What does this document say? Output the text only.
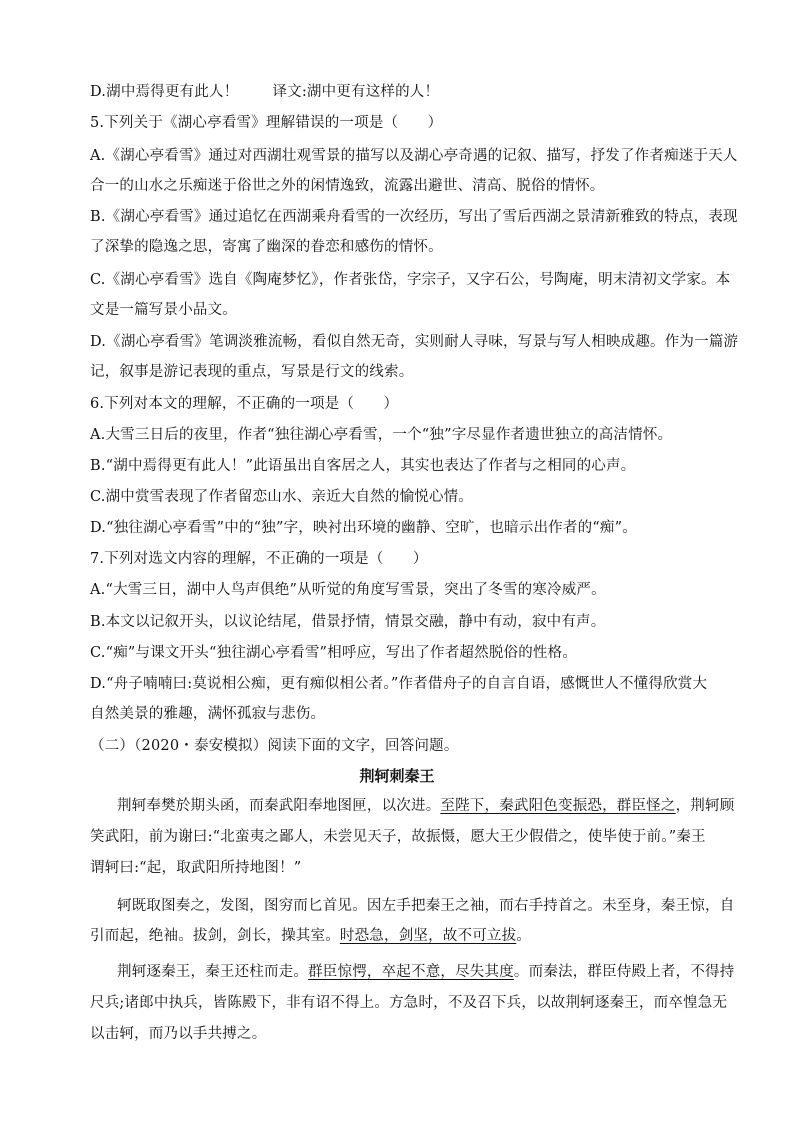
D.湖中焉得更有此人！ 译文:湖中更有这样的人！
5.下列关于《湖心亭看雪》理解错误的一项是（　　）
A.《湖心亭看雪》通过对西湖壮观雪景的描写以及湖心亭奇遇的记叙、描写，抒发了作者痴迷于天人
合一的山水之乐痴迷于俗世之外的闲情逸致，流露出避世、清高、脱俗的情怀。
B.《湖心亭看雪》通过追忆在西湖乘舟看雪的一次经历，写出了雪后西湖之景清新雅致的特点，表现
了深挚的隐逸之思，寄寓了幽深的眷恋和感伤的情怀。
C.《湖心亭看雪》选自《陶庵梦忆》，作者张岱，字宗子，又字石公，号陶庵，明末清初文学家。本
文是一篇写景小品文。
D.《湖心亭看雪》笔调淡雅流畅，看似自然无奇，实则耐人寻味，写景与写人相映成趣。作为一篇游
记，叙事是游记表现的重点，写景是行文的线索。
6.下列对本文的理解，不正确的一项是（　　）
A.大雪三日后的夜里，作者“独往湖心亭看雪，一个“独”字尽显作者遗世独立的高洁情怀。
B.“湖中焉得更有此人！”此语虽出自客居之人，其实也表达了作者与之相同的心声。
C.湖中赏雪表现了作者留恋山水、亲近大自然的愉悦心情。
D.“独往湖心亭看雪”中的“独”字，映衬出环境的幽静、空旷，也暗示出作者的“痴”。
7.下列对选文内容的理解，不正确的一项是（　　）
A.“大雪三日，湖中人鸟声俱绝”从听觉的角度写雪景，突出了冬雪的寒冷威严。
B.本文以记叙开头，以议论结尾，借景抒情，情景交融，静中有动，寂中有声。
C.“痴”与课文开头“独往湖心亭看雪”相呼应，写出了作者超然脱俗的性格。
D.“舟子喃喃曰:莫说相公痴，更有痴似相公者。”作者借舟子的自言自语，感慨世人不懂得欣赏大
自然美景的雅趣，满怀孤寂与悲伤。
（二）（2020・泰安模拟）阅读下面的文字，回答问题。
荆轲刺秦王
荆轲奉樊於期头函，而秦武阳奉地图匣，以次进。至陛下，秦武阳色变振恐，群臣怪之，荆轲顾
笑武阳，前为谢曰:“北蛮夷之鄙人，未尝见天子，故振慑，愿大王少假借之，使毕使于前。”秦王
谓轲曰:“起，取武阳所持地图！”
轲既取图奏之，发图，图穷而匕首见。因左手把秦王之袖，而右手持首之。未至身，秦王惊，自
引而起，绝袖。拔剑，剑长，操其室。时恐急，剑坚，故不可立拔。
荆轲逐秦王，秦王还柱而走。群臣惊愕，卒起不意，尽失其度。而秦法，群臣侍殿上者，不得持
尺兵;诸郎中执兵，皆陈殿下，非有诏不得上。方急时，不及召下兵，以故荆轲逐秦王，而卒惶急无
以击轲，而乃以手共搏之。
